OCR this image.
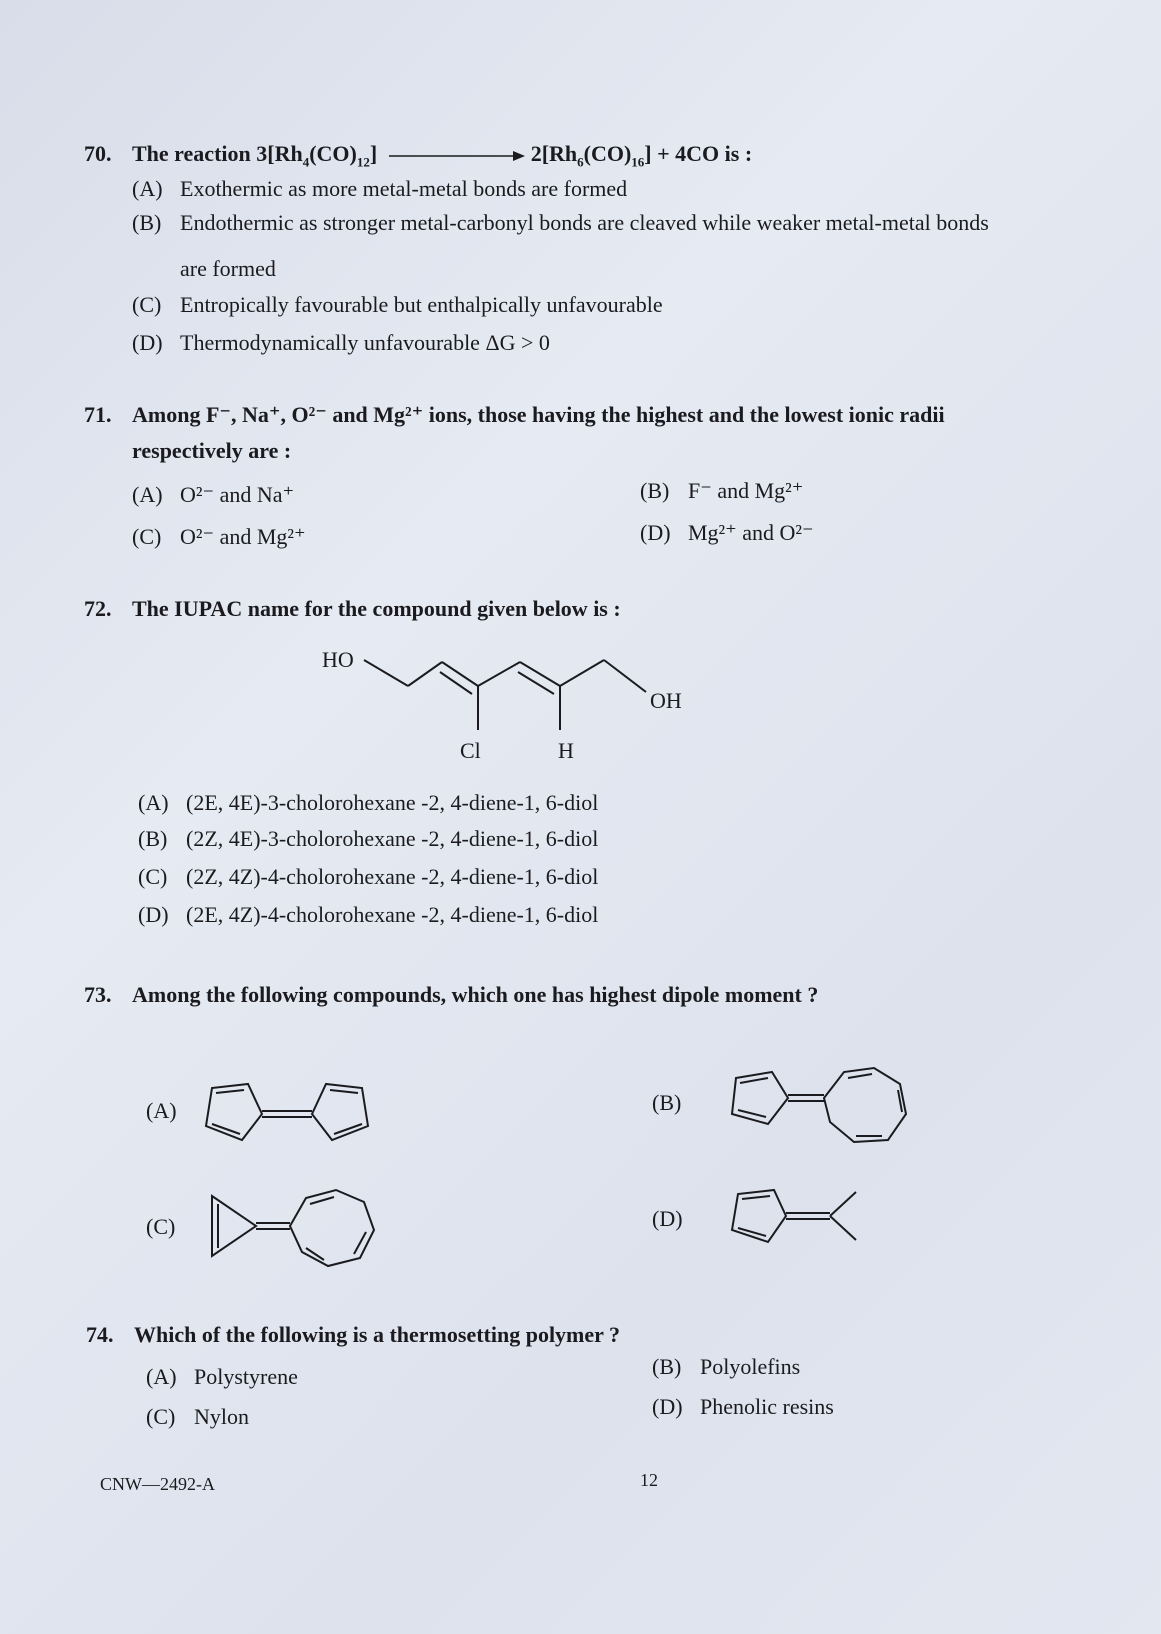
70. The reaction $3[Rh_4(CO)_{12}]$	$2[Rh_6(CO)_{16}] + 4CO$ is :
(A) Exothermic as more metal-metal bonds are formed
(B) Endothermic as stronger metal-carbonyl bonds are cleaved while weaker metal-metal bonds
are formed
(C) Entropically favourable but enthalpically unfavourable
(D) Thermodynamically unfavourable ΔG > 0
71. Among F⁻, Na⁺, O²⁻ and Mg²⁺ ions, those having the highest and the lowest ionic radii
respectively are :
(A) O²⁻ and Na⁺	(B) F⁻ and Mg²⁺
(C) O²⁻ and Mg²⁺	(D) Mg²⁺ and O²⁻
72. The IUPAC name for the compound given below is :
HO
OH
Cl	H
(A) (2E, 4E)-3-cholorohexane -2, 4-diene-1, 6-diol
(B) (2Z, 4E)-3-cholorohexane -2, 4-diene-1, 6-diol
(C) (2Z, 4Z)-4-cholorohexane -2, 4-diene-1, 6-diol
(D) (2E, 4Z)-4-cholorohexane -2, 4-diene-1, 6-diol
73. Among the following compounds, which one has highest dipole moment ?
(A)	(B)
(C)	(D)
74. Which of the following is a thermosetting polymer ?
(A) Polystyrene	(B) Polyolefins
(C) Nylon	(D) Phenolic resins
CNW—2492-A	12
